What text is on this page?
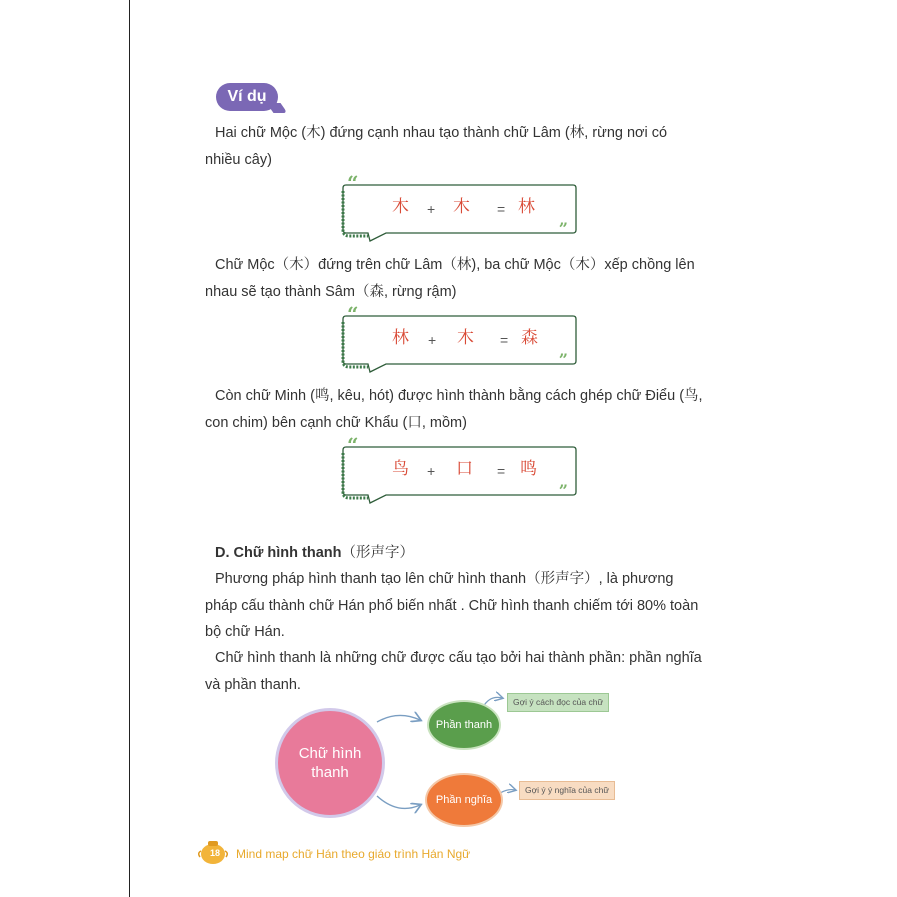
Ví dụ

Hai chữ Mộc (木) đứng cạnh nhau tạo thành chữ Lâm (林, rừng nơi có
nhiều cây)

“
”
木 + 木 = 林

Chữ Mộc（木）đứng trên chữ Lâm（林), ba chữ Mộc（木）xếp chồng lên
nhau sẽ tạo thành Sâm（森, rừng rậm)

“
”
林 + 木 = 森

Còn chữ Minh (鸣, kêu, hót) được hình thành bằng cách ghép chữ Điểu (鸟,
con chim) bên cạnh chữ Khẩu (口, mồm)

“
”
鸟 + 口 = 鸣

D. Chữ hình thanh（形声字）

Phương pháp hình thanh tạo lên chữ hình thanh（形声字）, là phương
pháp cấu thành chữ Hán phổ biến nhất . Chữ hình thanh chiếm tới 80% toàn
bộ chữ Hán.

Chữ hình thanh là những chữ được cấu tạo bởi hai thành phần: phần nghĩa
và phần thanh.

Chữ hình thanh
Phần thanh
Phần nghĩa
Gợi ý cách đọc của chữ
Gợi ý ý nghĩa của chữ
18	Mind map chữ Hán theo giáo trình Hán Ngữ
